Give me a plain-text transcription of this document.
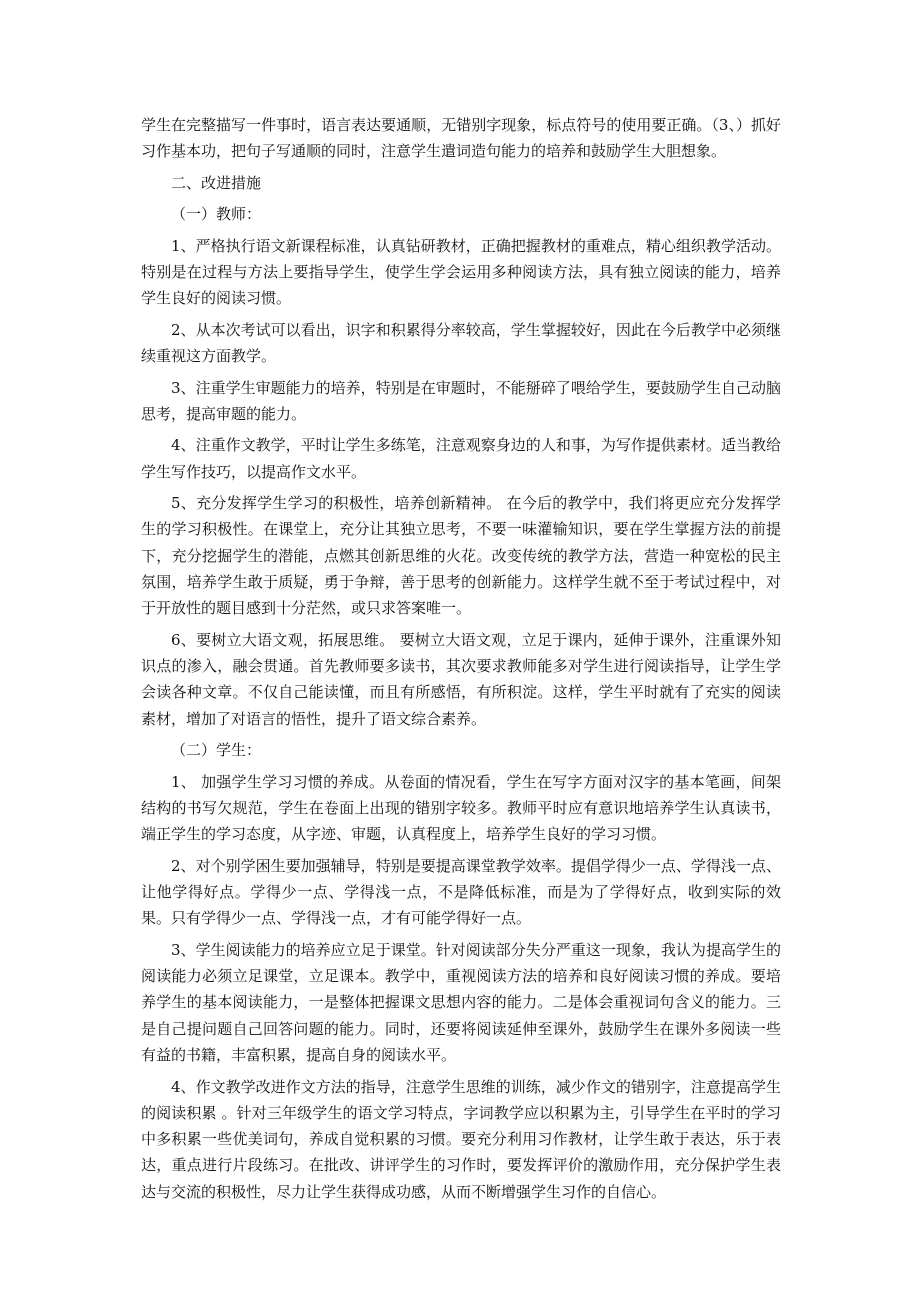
学生在完整描写一件事时，语言表达要通顺，无错别字现象，标点符号的使用要正确。（3、）抓好习作基本功，把句子写通顺的同时，注意学生遣词造句能力的培养和鼓励学生大胆想象。

二、改进措施

（一）教师：

1、严格执行语文新课程标准，认真钻研教材，正确把握教材的重难点，精心组织教学活动。特别是在过程与方法上要指导学生，使学生学会运用多种阅读方法，具有独立阅读的能力，培养学生良好的阅读习惯。

2、从本次考试可以看出，识字和积累得分率较高，学生掌握较好，因此在今后教学中必须继续重视这方面教学。

3、注重学生审题能力的培养，特别是在审题时，不能掰碎了喂给学生，要鼓励学生自己动脑思考，提高审题的能力。

4、注重作文教学，平时让学生多练笔，注意观察身边的人和事，为写作提供素材。适当教给学生写作技巧，以提高作文水平。

5、充分发挥学生学习的积极性，培养创新精神。 在今后的教学中，我们将更应充分发挥学生的学习积极性。在课堂上，充分让其独立思考，不要一味灌输知识，要在学生掌握方法的前提下，充分挖掘学生的潜能，点燃其创新思维的火花。改变传统的教学方法，营造一种宽松的民主氛围，培养学生敢于质疑，勇于争辩，善于思考的创新能力。这样学生就不至于考试过程中，对于开放性的题目感到十分茫然，或只求答案唯一。

6、要树立大语文观，拓展思维。 要树立大语文观，立足于课内，延伸于课外，注重课外知识点的渗入，融会贯通。首先教师要多读书，其次要求教师能多对学生进行阅读指导，让学生学会读各种文章。不仅自己能读懂，而且有所感悟，有所积淀。这样，学生平时就有了充实的阅读素材，增加了对语言的悟性，提升了语文综合素养。

（二）学生：

1、 加强学生学习习惯的养成。从卷面的情况看，学生在写字方面对汉字的基本笔画，间架结构的书写欠规范，学生在卷面上出现的错别字较多。教师平时应有意识地培养学生认真读书，端正学生的学习态度，从字迹、审题，认真程度上，培养学生良好的学习习惯。

2、对个别学困生要加强辅导，特别是要提高课堂教学效率。提倡学得少一点、学得浅一点、让他学得好点。学得少一点、学得浅一点，不是降低标准，而是为了学得好点，收到实际的效果。只有学得少一点、学得浅一点，才有可能学得好一点。

3、学生阅读能力的培养应立足于课堂。针对阅读部分失分严重这一现象，我认为提高学生的阅读能力必须立足课堂，立足课本。教学中，重视阅读方法的培养和良好阅读习惯的养成。要培养学生的基本阅读能力，一是整体把握课文思想内容的能力。二是体会重视词句含义的能力。三是自己提问题自己回答问题的能力。同时，还要将阅读延伸至课外，鼓励学生在课外多阅读一些有益的书籍，丰富积累，提高自身的阅读水平。

4、作文教学改进作文方法的指导，注意学生思维的训练，减少作文的错别字，注意提高学生的阅读积累 。针对三年级学生的语文学习特点，字词教学应以积累为主，引导学生在平时的学习中多积累一些优美词句，养成自觉积累的习惯。要充分利用习作教材，让学生敢于表达，乐于表达，重点进行片段练习。在批改、讲评学生的习作时，要发挥评价的激励作用，充分保护学生表达与交流的积极性，尽力让学生获得成功感，从而不断增强学生习作的自信心。
